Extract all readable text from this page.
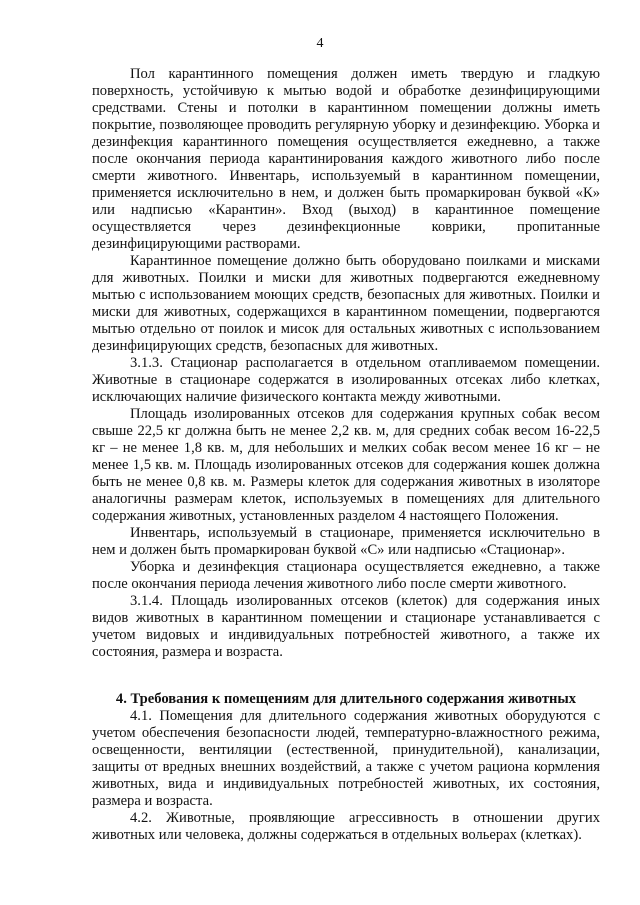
4

Пол карантинного помещения должен иметь твердую и гладкую поверхность, устойчивую к мытью водой и обработке дезинфицирующими средствами. Стены и потолки в карантинном помещении должны иметь покрытие, позволяющее проводить регулярную уборку и дезинфекцию. Уборка и дезинфекция карантинного помещения осуществляется ежедневно, а также после окончания периода карантинирования каждого животного либо после смерти животного. Инвентарь, используемый в карантинном помещении, применяется исключительно в нем, и должен быть промаркирован буквой «К» или надписью «Карантин». Вход (выход) в карантинное помещение осуществляется через дезинфекционные коврики, пропитанные дезинфицирующими растворами.

Карантинное помещение должно быть оборудовано поилками и мисками для животных. Поилки и миски для животных подвергаются ежедневному мытью с использованием моющих средств, безопасных для животных. Поилки и миски для животных, содержащихся в карантинном помещении, подвергаются мытью отдельно от поилок и мисок для остальных животных с использованием дезинфицирующих средств, безопасных для животных.

3.1.3. Стационар располагается в отдельном отапливаемом помещении. Животные в стационаре содержатся в изолированных отсеках либо клетках, исключающих наличие физического контакта между животными.

Площадь изолированных отсеков для содержания крупных собак весом свыше 22,5 кг должна быть не менее 2,2 кв. м, для средних собак весом 16-22,5 кг – не менее 1,8 кв. м, для небольших и мелких собак весом менее 16 кг – не менее 1,5 кв. м. Площадь изолированных отсеков для содержания кошек должна быть не менее 0,8 кв. м. Размеры клеток для содержания животных в изоляторе аналогичны размерам клеток, используемых в помещениях для длительного содержания животных, установленных разделом 4 настоящего Положения.

Инвентарь, используемый в стационаре, применяется исключительно в нем и должен быть промаркирован буквой «С» или надписью «Стационар».

Уборка и дезинфекция стационара осуществляется ежедневно, а также после окончания периода лечения животного либо после смерти животного.

3.1.4. Площадь изолированных отсеков (клеток) для содержания иных видов животных в карантинном помещении и стационаре устанавливается с учетом видовых и индивидуальных потребностей животного, а также их состояния, размера и возраста.

4. Требования к помещениям для длительного содержания животных

4.1. Помещения для длительного содержания животных оборудуются с учетом обеспечения безопасности людей, температурно-влажностного режима, освещенности, вентиляции (естественной, принудительной), канализации, защиты от вредных внешних воздействий, а также с учетом рациона кормления животных, вида и индивидуальных потребностей животных, их состояния, размера и возраста.

4.2. Животные, проявляющие агрессивность в отношении других животных или человека, должны содержаться в отдельных вольерах (клетках).
